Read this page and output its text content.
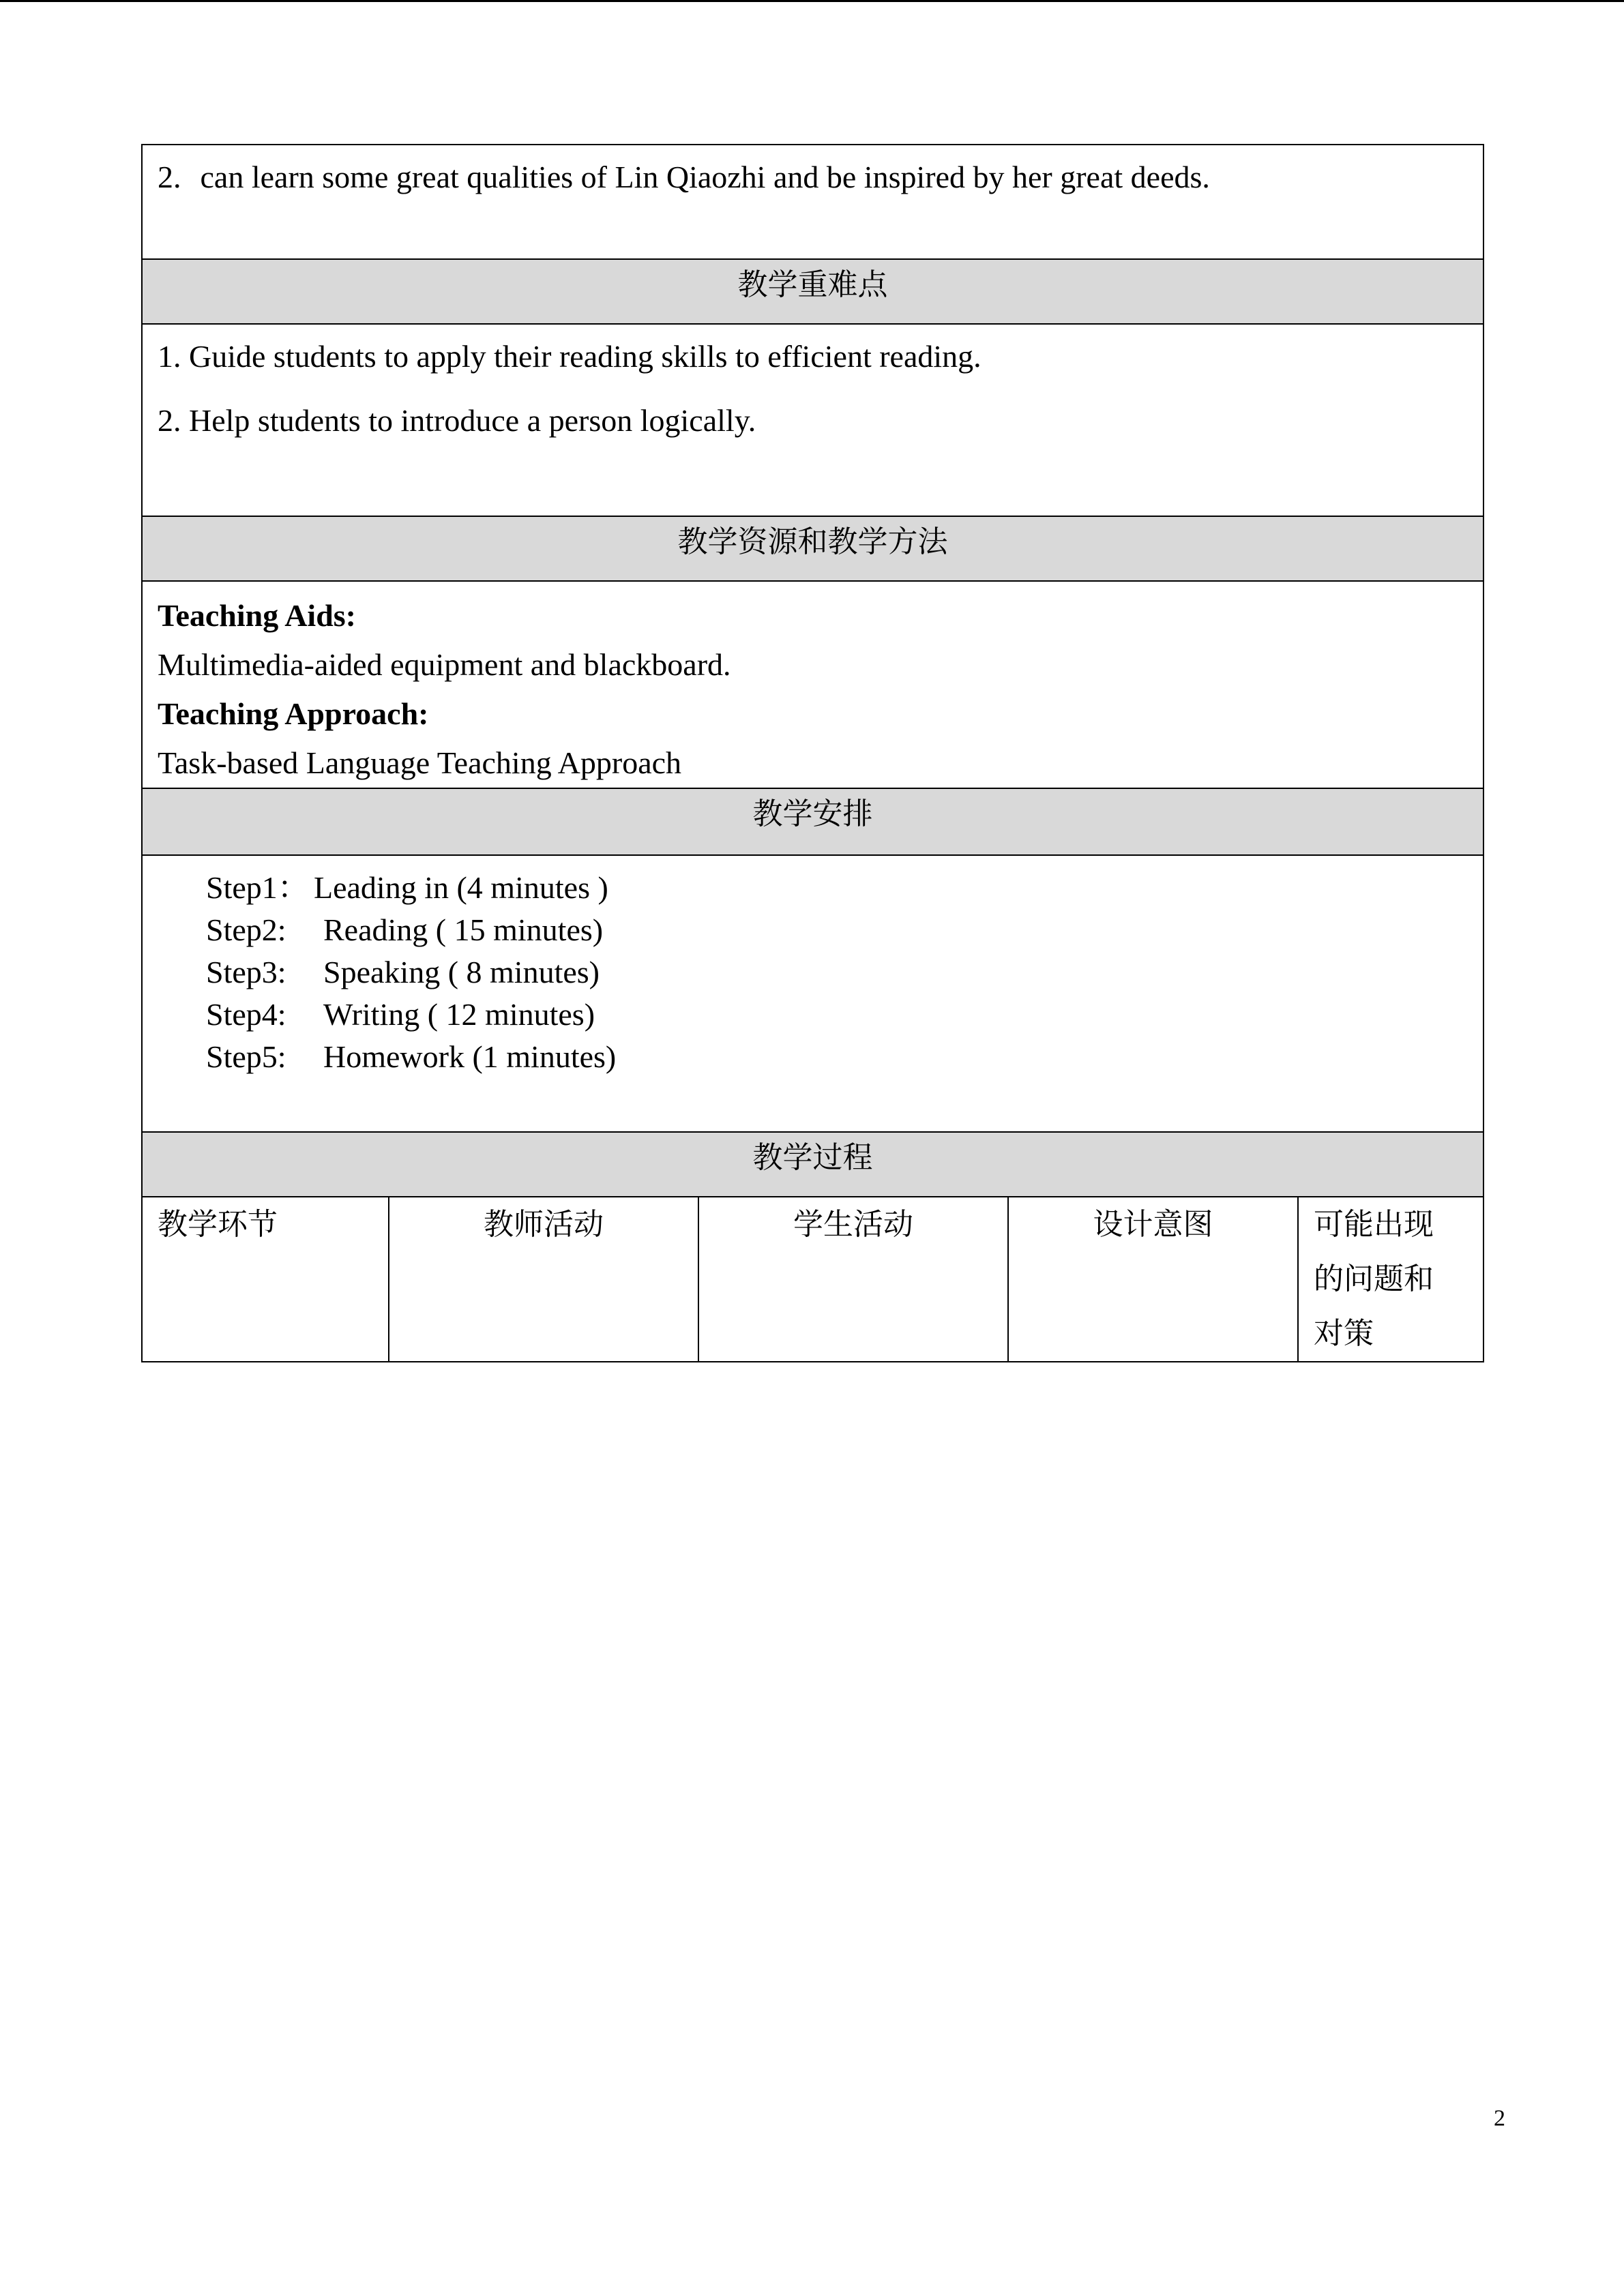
2. can learn some great qualities of Lin Qiaozhi and be inspired by her great deeds.

教学重难点

1. Guide students to apply their reading skills to efficient reading.

2. Help students to introduce a person logically.

教学资源和教学方法

Teaching Aids:
Multimedia-aided equipment and blackboard.
Teaching Approach:
Task-based Language Teaching Approach

教学安排

Step1： Leading in (4 minutes )
Step2:	Reading ( 15 minutes)
Step3:	Speaking ( 8 minutes)
Step4:	Writing ( 12 minutes)
Step5:	Homework (1 minutes)

教学过程
教学环节	教师活动	学生活动	设计意图	可能出现
的问题和
对策
2
